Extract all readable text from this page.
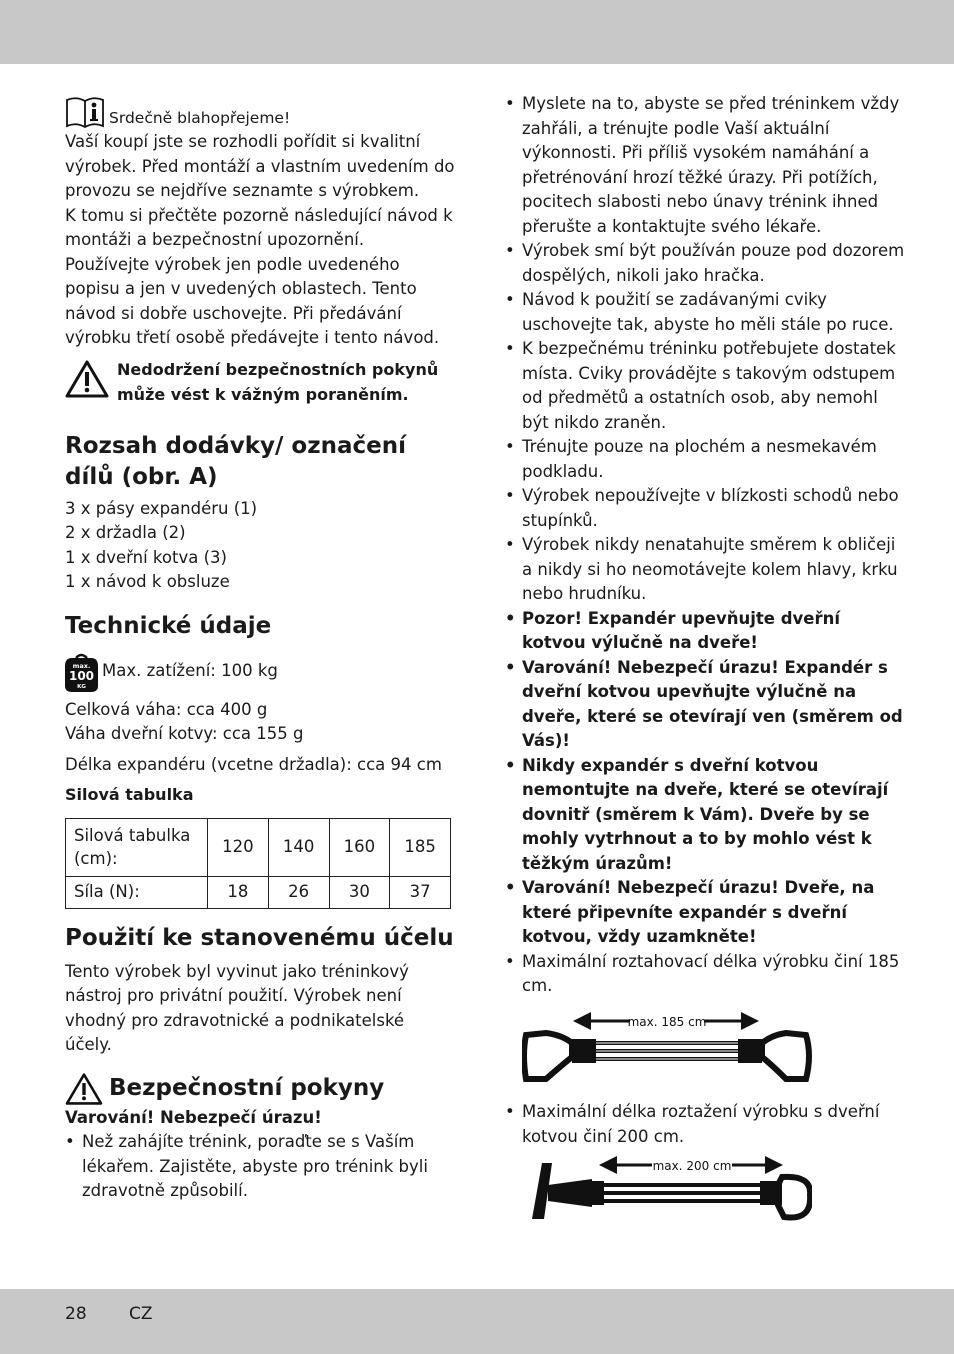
Srdečně blahopřejeme!

Vaší koupí jste se rozhodli pořídit si kvalitní výrobek. Před montáží a vlastním uvedením do provozu se nejdříve seznamte s výrobkem.

K tomu si přečtěte pozorně následující návod k montáži a bezpečnostní upozornění.

Používejte výrobek jen podle uvedeného popisu a jen v uvedených oblastech. Tento návod si dobře uschovejte. Při předávání výrobku třetí osobě předávejte i tento návod.

Nedodržení bezpečnostních pokynů může vést k vážným poraněním.
Rozsah dodávky/ označení dílů (obr. A)

3 x pásy expandéru (1)

2 x držadla (2)

1 x dveřní kotva (3)

1 x návod k obsluze

Technické údaje
max.
100
KG
Max. zatížení: 100 kg

Celková váha: cca 400 g

Váha dveřní kotvy: cca 155 g

Délka expandéru (vcetne držadla): cca 94 cm

Silová tabulka

Silová tabulka (cm):	120	140	160	185
Síla (N):	18	26	30	37
Použití ke stanovenému účelu

Tento výrobek byl vyvinut jako tréninkový nástroj pro privátní použití. Výrobek není vhodný pro zdravotnické a podnikatelské účely.

Bezpečnostní pokyny

Varování! Nebezpečí úrazu!

• Než zahájíte trénink, poraďte se s Vaším lékařem. Zajistěte, abyste pro trénink byli zdravotně způsobilí.
• Myslete na to, abyste se před tréninkem vždy zahřáli, a trénujte podle Vaší aktuální výkonnosti. Při příliš vysokém namáhání a přetrénování hrozí těžké úrazy. Při potížích, pocitech slabosti nebo únavy trénink ihned přerušte a kontaktujte svého lékaře.
• Výrobek smí být používán pouze pod dozorem dospělých, nikoli jako hračka.
• Návod k použití se zadávanými cviky uschovejte tak, abyste ho měli stále po ruce.
• K bezpečnému tréninku potřebujete dostatek místa. Cviky provádějte s takovým odstupem od předmětů a ostatních osob, aby nemohl být nikdo zraněn.
• Trénujte pouze na plochém a nesmekavém podkladu.
• Výrobek nepoužívejte v blízkosti schodů nebo stupínků.
• Výrobek nikdy nenatahujte směrem k obličeji a nikdy si ho neomotávejte kolem hlavy, krku nebo hrudníku.
• Pozor! Expandér upevňujte dveřní kotvou výlučně na dveře!
• Varování! Nebezpečí úrazu! Expandér s dveřní kotvou upevňujte výlučně na dveře, které se otevírají ven (směrem od Vás)!
• Nikdy expandér s dveřní kotvou nemontujte na dveře, které se otevírají dovnitř (směrem k Vám). Dveře by se mohly vytrhnout a to by mohlo vést k těžkým úrazům!
• Varování! Nebezpečí úrazu! Dveře, na které připevníte expandér s dveřní kotvou, vždy uzamkněte!
• Maximální roztahovací délka výrobku činí 185 cm.
max. 185 cm
• Maximální délka roztažení výrobku s dveřní kotvou činí 200 cm.
max. 200 cm
28 CZ
